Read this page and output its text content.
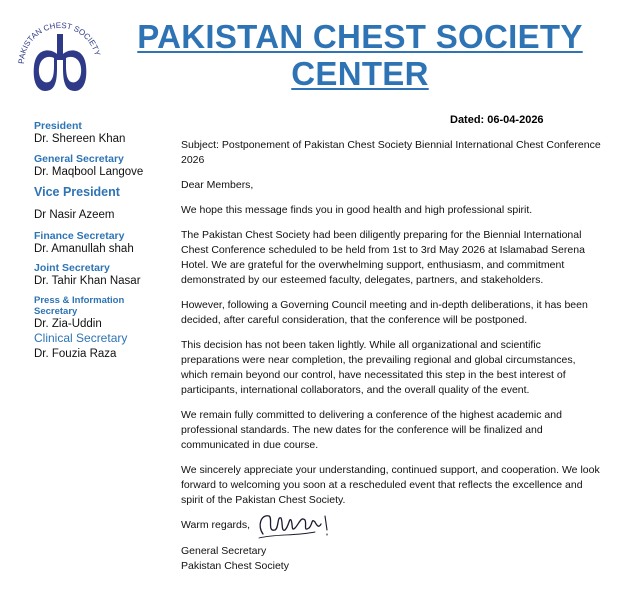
PAKISTAN CHEST SOCIETY	PAKISTAN CHEST SOCIETY
CENTER
Dated: 06-04-2026
President
Dr. Shereen Khan
General Secretary
Dr. Maqbool Langove
Vice President
Dr Nasir Azeem
Finance Secretary
Dr. Amanullah shah
Joint Secretary
Dr. Tahir Khan Nasar
Press & Information Secretary
Dr. Zia-Uddin
Clinical Secretary
Dr. Fouzia Raza

Subject: Postponement of Pakistan Chest Society Biennial International Chest Conference 2026

Dear Members,

We hope this message finds you in good health and high professional spirit.

The Pakistan Chest Society had been diligently preparing for the Biennial International Chest Conference scheduled to be held from 1st to 3rd May 2026 at Islamabad Serena Hotel. We are grateful for the overwhelming support, enthusiasm, and commitment demonstrated by our esteemed faculty, delegates, partners, and stakeholders.

However, following a Governing Council meeting and in-depth deliberations, it has been decided, after careful consideration, that the conference will be postponed.

This decision has not been taken lightly. While all organizational and scientific preparations were near completion, the prevailing regional and global circumstances, which remain beyond our control, have necessitated this step in the best interest of participants, international collaborators, and the overall quality of the event.

We remain fully committed to delivering a conference of the highest academic and professional standards. The new dates for the conference will be finalized and communicated in due course.

We sincerely appreciate your understanding, continued support, and cooperation. We look forward to welcoming you soon at a rescheduled event that reflects the excellence and spirit of the Pakistan Chest Society.

Warm regards,
General Secretary
Pakistan Chest Society
